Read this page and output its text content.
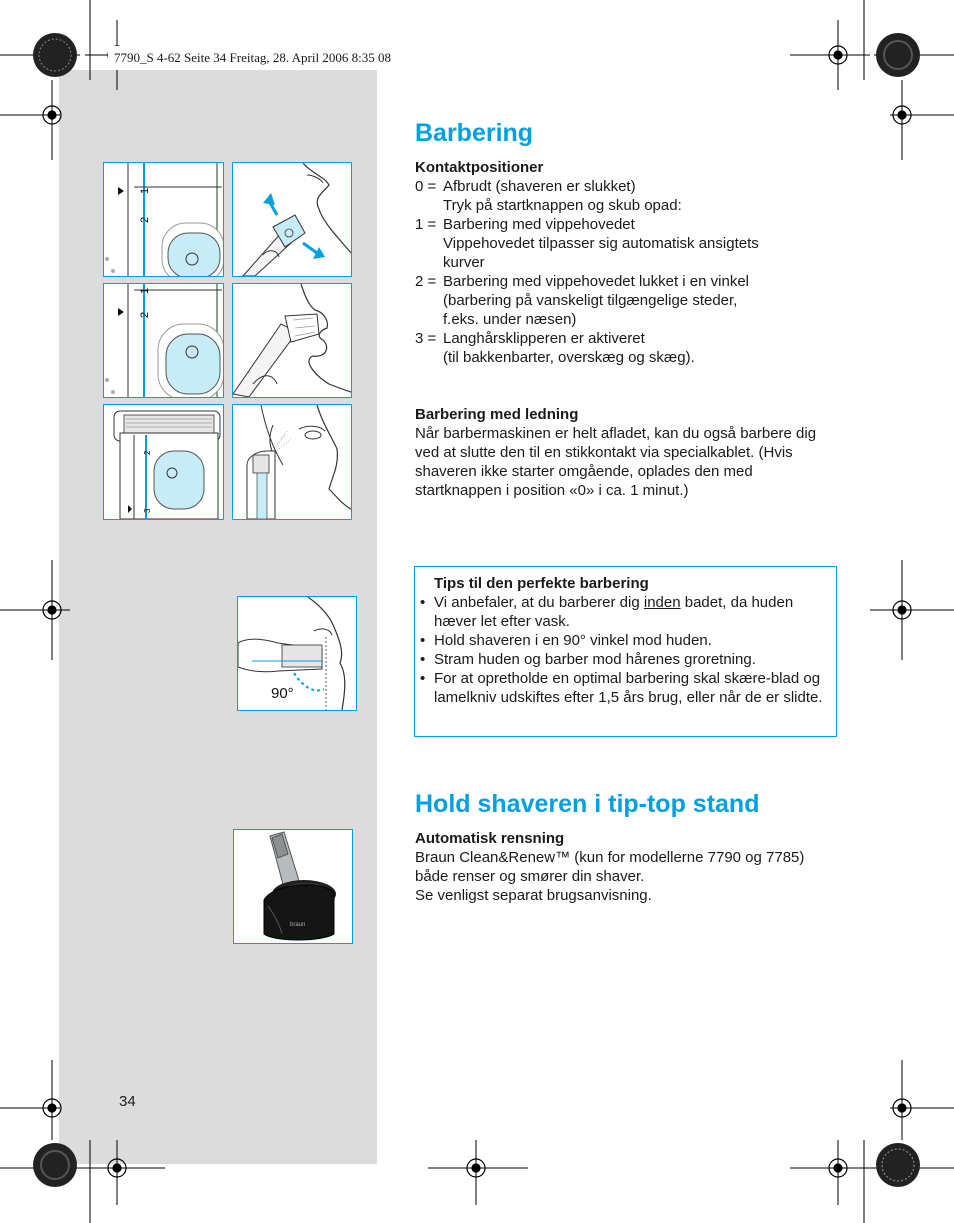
7790_S 4-62 Seite 34 Freitag, 28. April 2006 8:35 08
1
2
1
2
2
3
90°
braun
Barbering

Kontaktpositioner

0 = Afbrudt (shaveren er slukket)

Tryk på startknappen og skub opad:

1 = Barbering med vippehovedet

Vippehovedet tilpasser sig automatisk ansigtets

kurver

2 = Barbering med vippehovedet lukket i en vinkel

(barbering på vanskeligt tilgængelige steder,

f.eks. under næsen)

3 = Langhårsklipperen er aktiveret

(til bakkenbarter, overskæg og skæg).

Barbering med ledning

Når barbermaskinen er helt afladet, kan du også barbere dig ved at slutte den til en stikkontakt via specialkablet. (Hvis shaveren ikke starter omgående, oplades den med startknappen i position «0» i ca. 1 minut.)

Tips til den perfekte barbering
• Vi anbefaler, at du barberer dig inden badet, da huden hæver let efter vask.
• Hold shaveren i en 90° vinkel mod huden.
• Stram huden og barber mod hårenes groretning.
• For at opretholde en optimal barbering skal skære-blad og lamelkniv udskiftes efter 1,5 års brug, eller når de er slidte.
Hold shaveren i tip-top stand

Automatisk rensning

Braun Clean&Renew™ (kun for modellerne 7790 og 7785)

både renser og smører din shaver.

Se venligst separat brugsanvisning.

34
